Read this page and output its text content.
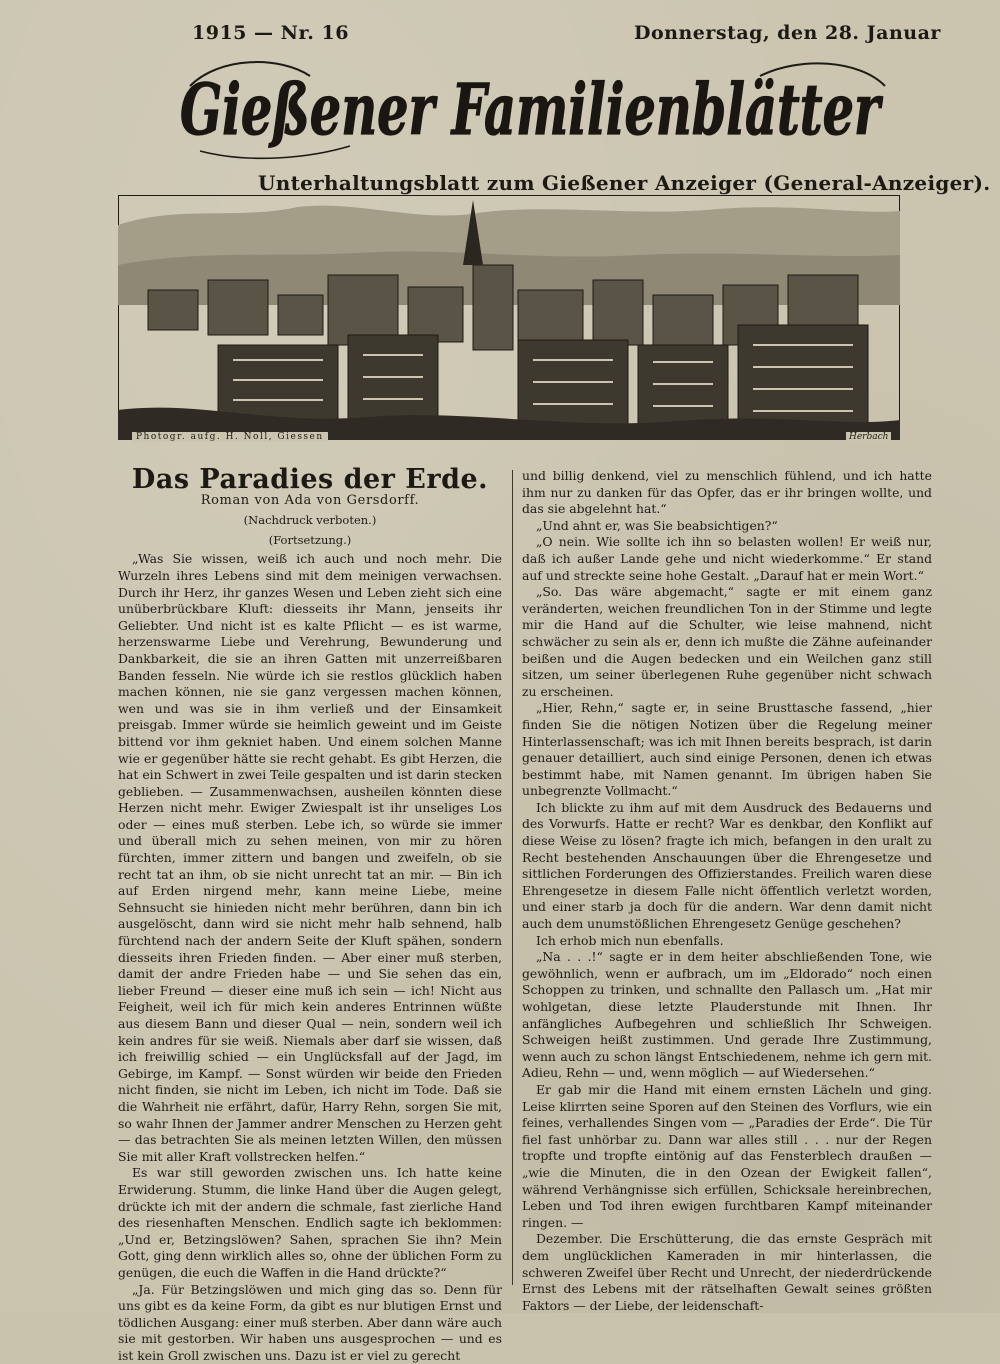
1915 — Nr. 16	Donnerstag, den 28. Januar
Gießener Familienblätter
Unterhaltungsblatt zum Gießener Anzeiger (General-Anzeiger).
Photogr. aufg. H. Noll, Giessen	Herbach
Das Paradies der Erde.
Roman von Ada von Gersdorff.
(Nachdruck verboten.)
(Fortsetzung.)

„Was Sie wissen, weiß ich auch und noch mehr. Die Wurzeln ihres Lebens sind mit dem meinigen verwachsen. Durch ihr Herz, ihr ganzes Wesen und Leben zieht sich eine unüberbrückbare Kluft: diesseits ihr Mann, jenseits ihr Geliebter. Und nicht ist es kalte Pflicht — es ist warme, herzenswarme Liebe und Verehrung, Bewunderung und Dankbarkeit, die sie an ihren Gatten mit unzerreißbaren Banden fesseln. Nie würde ich sie restlos glücklich haben machen können, nie sie ganz vergessen machen können, wen und was sie in ihm verließ und der Einsamkeit preisgab. Immer würde sie heimlich geweint und im Geiste bittend vor ihm gekniet haben. Und einem solchen Manne wie er gegenüber hätte sie recht gehabt. Es gibt Herzen, die hat ein Schwert in zwei Teile gespalten und ist darin stecken geblieben. — Zusammenwachsen, ausheilen könnten diese Herzen nicht mehr. Ewiger Zwiespalt ist ihr unseliges Los oder — eines muß sterben. Lebe ich, so würde sie immer und überall mich zu sehen meinen, von mir zu hören fürchten, immer zittern und bangen und zweifeln, ob sie recht tat an ihm, ob sie nicht unrecht tat an mir. — Bin ich auf Erden nirgend mehr, kann meine Liebe, meine Sehnsucht sie hinieden nicht mehr berühren, dann bin ich ausgelöscht, dann wird sie nicht mehr halb sehnend, halb fürchtend nach der andern Seite der Kluft spähen, sondern diesseits ihren Frieden finden. — Aber einer muß sterben, damit der andre Frieden habe — und Sie sehen das ein, lieber Freund — dieser eine muß ich sein — ich! Nicht aus Feigheit, weil ich für mich kein anderes Entrinnen wüßte aus diesem Bann und dieser Qual — nein, sondern weil ich kein andres für sie weiß. Niemals aber darf sie wissen, daß ich freiwillig schied — ein Unglücksfall auf der Jagd, im Gebirge, im Kampf. — Sonst würden wir beide den Frieden nicht finden, sie nicht im Leben, ich nicht im Tode. Daß sie die Wahrheit nie erfährt, dafür, Harry Rehn, sorgen Sie mit, so wahr Ihnen der Jammer andrer Menschen zu Herzen geht — das betrachten Sie als meinen letzten Willen, den müssen Sie mit aller Kraft vollstrecken helfen.“

Es war still geworden zwischen uns. Ich hatte keine Erwiderung. Stumm, die linke Hand über die Augen gelegt, drückte ich mit der andern die schmale, fast zierliche Hand des riesenhaften Menschen. Endlich sagte ich beklommen: „Und er, Betzingslöwen? Sahen, sprachen Sie ihn? Mein Gott, ging denn wirklich alles so, ohne der üblichen Form zu genügen, die euch die Waffen in die Hand drückte?“

„Ja. Für Betzingslöwen und mich ging das so. Denn für uns gibt es da keine Form, da gibt es nur blutigen Ernst und tödlichen Ausgang: einer muß sterben. Aber dann wäre auch sie mit gestorben. Wir haben uns ausgesprochen — und es ist kein Groll zwischen uns. Dazu ist er viel zu gerecht

und billig denkend, viel zu menschlich fühlend, und ich hatte ihm nur zu danken für das Opfer, das er ihr bringen wollte, und das sie abgelehnt hat.“

„Und ahnt er, was Sie beabsichtigen?“

„O nein. Wie sollte ich ihn so belasten wollen! Er weiß nur, daß ich außer Lande gehe und nicht wiederkomme.“ Er stand auf und streckte seine hohe Gestalt. „Darauf hat er mein Wort.“

„So. Das wäre abgemacht,“ sagte er mit einem ganz veränderten, weichen freundlichen Ton in der Stimme und legte mir die Hand auf die Schulter, wie leise mahnend, nicht schwächer zu sein als er, denn ich mußte die Zähne aufeinander beißen und die Augen bedecken und ein Weilchen ganz still sitzen, um seiner überlegenen Ruhe gegenüber nicht schwach zu erscheinen.

„Hier, Rehn,“ sagte er, in seine Brusttasche fassend, „hier finden Sie die nötigen Notizen über die Regelung meiner Hinterlassenschaft; was ich mit Ihnen bereits besprach, ist darin genauer detailliert, auch sind einige Personen, denen ich etwas bestimmt habe, mit Namen genannt. Im übrigen haben Sie unbegrenzte Vollmacht.“

Ich blickte zu ihm auf mit dem Ausdruck des Bedauerns und des Vorwurfs. Hatte er recht? War es denkbar, den Konflikt auf diese Weise zu lösen? fragte ich mich, befangen in den uralt zu Recht bestehenden Anschauungen über die Ehrengesetze und sittlichen Forderungen des Offizierstandes. Freilich waren diese Ehrengesetze in diesem Falle nicht öffentlich verletzt worden, und einer starb ja doch für die andern. War denn damit nicht auch dem unumstößlichen Ehrengesetz Genüge geschehen?

Ich erhob mich nun ebenfalls.

„Na . . .!“ sagte er in dem heiter abschließenden Tone, wie gewöhnlich, wenn er aufbrach, um im „Eldorado“ noch einen Schoppen zu trinken, und schnallte den Pallasch um. „Hat mir wohlgetan, diese letzte Plauderstunde mit Ihnen. Ihr anfängliches Aufbegehren und schließlich Ihr Schweigen. Schweigen heißt zustimmen. Und gerade Ihre Zustimmung, wenn auch zu schon längst Entschiedenem, nehme ich gern mit. Adieu, Rehn — und, wenn möglich — auf Wiedersehen.“

Er gab mir die Hand mit einem ernsten Lächeln und ging. Leise klirrten seine Sporen auf den Steinen des Vorflurs, wie ein feines, verhallendes Singen vom — „Paradies der Erde“. Die Tür fiel fast unhörbar zu. Dann war alles still . . . nur der Regen tropfte und tropfte eintönig auf das Fensterblech draußen — „wie die Minuten, die in den Ozean der Ewigkeit fallen“, während Verhängnisse sich erfüllen, Schicksale hereinbrechen, Leben und Tod ihren ewigen furchtbaren Kampf miteinander ringen. —

Dezember. Die Erschütterung, die das ernste Gespräch mit dem unglücklichen Kameraden in mir hinterlassen, die schweren Zweifel über Recht und Unrecht, der niederdrückende Ernst des Lebens mit der rätselhaften Gewalt seines größten Faktors — der Liebe, der leidenschaft-
